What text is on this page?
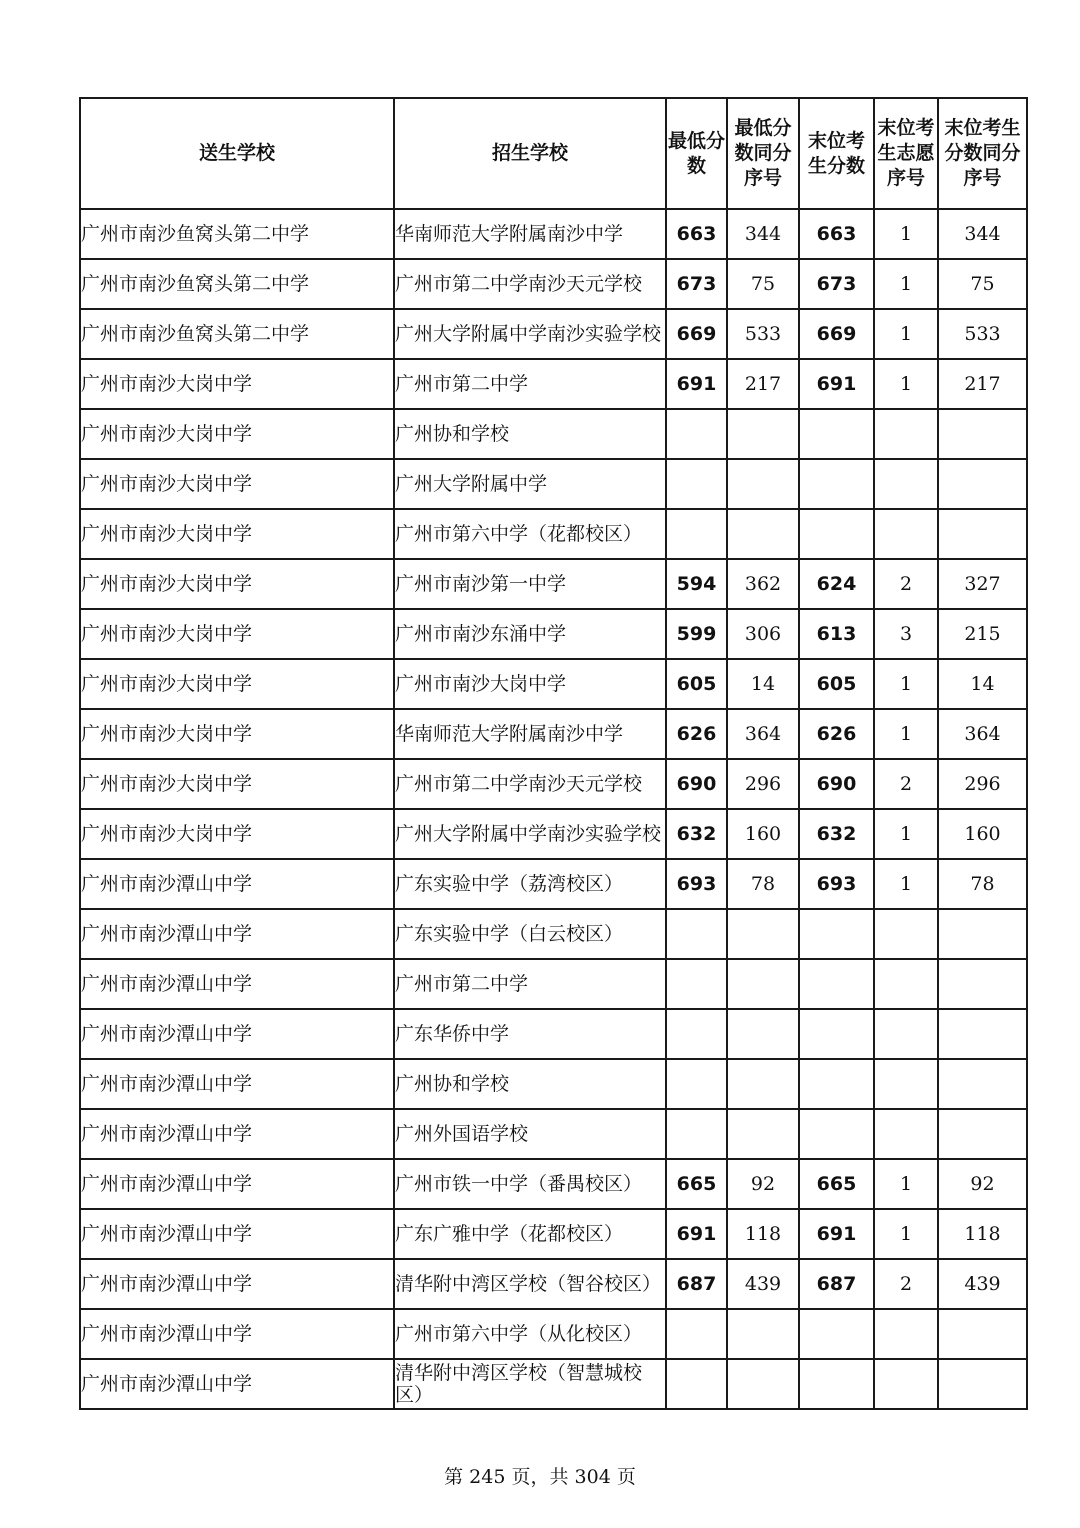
送生学校	招生学校	最低分数	最低分数同分序号	末位考生分数	末位考生志愿序号	末位考生分数同分序号
广州市南沙鱼窝头第二中学	华南师范大学附属南沙中学	663	344	663	1	344
广州市南沙鱼窝头第二中学	广州市第二中学南沙天元学校	673	75	673	1	75
广州市南沙鱼窝头第二中学	广州大学附属中学南沙实验学校	669	533	669	1	533
广州市南沙大岗中学	广州市第二中学	691	217	691	1	217
广州市南沙大岗中学	广州协和学校					
广州市南沙大岗中学	广州大学附属中学					
广州市南沙大岗中学	广州市第六中学（花都校区）					
广州市南沙大岗中学	广州市南沙第一中学	594	362	624	2	327
广州市南沙大岗中学	广州市南沙东涌中学	599	306	613	3	215
广州市南沙大岗中学	广州市南沙大岗中学	605	14	605	1	14
广州市南沙大岗中学	华南师范大学附属南沙中学	626	364	626	1	364
广州市南沙大岗中学	广州市第二中学南沙天元学校	690	296	690	2	296
广州市南沙大岗中学	广州大学附属中学南沙实验学校	632	160	632	1	160
广州市南沙潭山中学	广东实验中学（荔湾校区）	693	78	693	1	78
广州市南沙潭山中学	广东实验中学（白云校区）					
广州市南沙潭山中学	广州市第二中学					
广州市南沙潭山中学	广东华侨中学					
广州市南沙潭山中学	广州协和学校					
广州市南沙潭山中学	广州外国语学校					
广州市南沙潭山中学	广州市铁一中学（番禺校区）	665	92	665	1	92
广州市南沙潭山中学	广东广雅中学（花都校区）	691	118	691	1	118
广州市南沙潭山中学	清华附中湾区学校（智谷校区）	687	439	687	2	439
广州市南沙潭山中学	广州市第六中学（从化校区）					
广州市南沙潭山中学	清华附中湾区学校（智慧城校区）					
第 245 页，共 304 页
